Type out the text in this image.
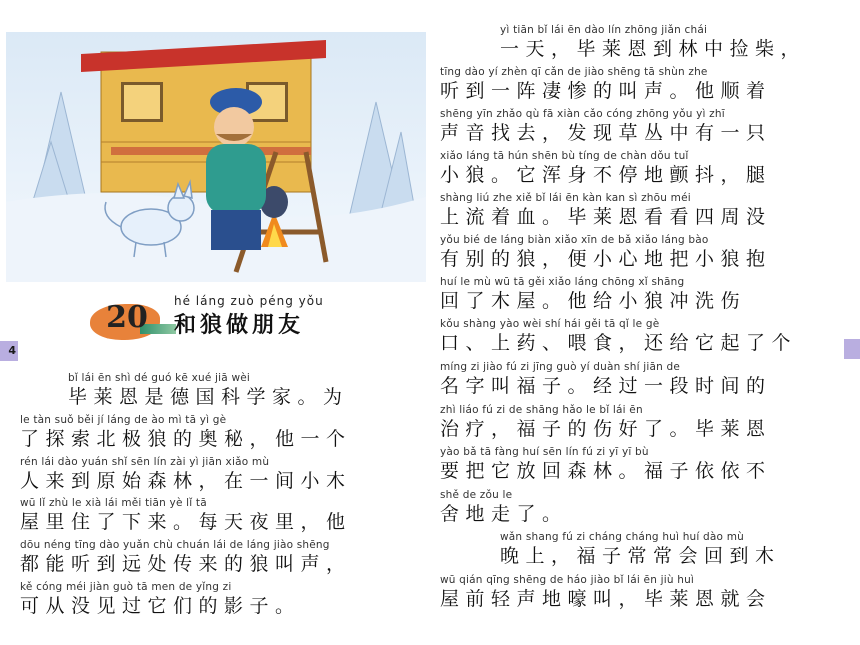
20	hé láng zuò péng yǒu
和狼做朋友
4
bǐ lái ēn shì dé guó kē xué jiā wèi
毕莱恩是德国科学家。为
le tàn suǒ běi jí láng de ào mì tā yì gè
了探索北极狼的奥秘，他一个
rén lái dào yuán shǐ sēn lín zài yì jiān xiǎo mù
人来到原始森林，在一间小木
wū lǐ zhù le xià lái měi tiān yè lǐ tā
屋里住了下来。每天夜里，他
dōu néng tīng dào yuǎn chù chuán lái de láng jiào shēng
都能听到远处传来的狼叫声，
kě cóng méi jiàn guò tā men de yǐng zi
可从没见过它们的影子。
yì tiān bǐ lái ēn dào lín zhōng jiǎn chái
一天，毕莱恩到林中捡柴，
tīng dào yí zhèn qī cǎn de jiào shēng tā shùn zhe
听到一阵凄惨的叫声。他顺着
shēng yīn zhǎo qù fā xiàn cǎo cóng zhōng yǒu yì zhī
声音找去，发现草丛中有一只
xiǎo láng tā hún shēn bù tíng de chàn dǒu tuǐ
小狼。它浑身不停地颤抖，腿
shàng liú zhe xiě bǐ lái ēn kàn kan sì zhōu méi
上流着血。毕莱恩看看四周没
yǒu bié de láng biàn xiǎo xīn de bǎ xiǎo láng bào
有别的狼，便小心地把小狼抱
huí le mù wū tā gěi xiǎo láng chōng xǐ shāng
回了木屋。他给小狼冲洗伤
kǒu shàng yào wèi shí hái gěi tā qǐ le gè
口、上药、喂食，还给它起了个
míng zi jiào fú zi jīng guò yí duàn shí jiān de
名字叫福子。经过一段时间的
zhì liáo fú zi de shāng hǎo le bǐ lái ēn
治疗，福子的伤好了。毕莱恩
yào bǎ tā fàng huí sēn lín fú zi yī yī bù
要把它放回森林。福子依依不
shě de zǒu le
舍地走了。
wǎn shang fú zi cháng cháng huì huí dào mù
晚上，福子常常会回到木
wū qián qīng shēng de háo jiào bǐ lái ēn jiù huì
屋前轻声地嚎叫，毕莱恩就会
